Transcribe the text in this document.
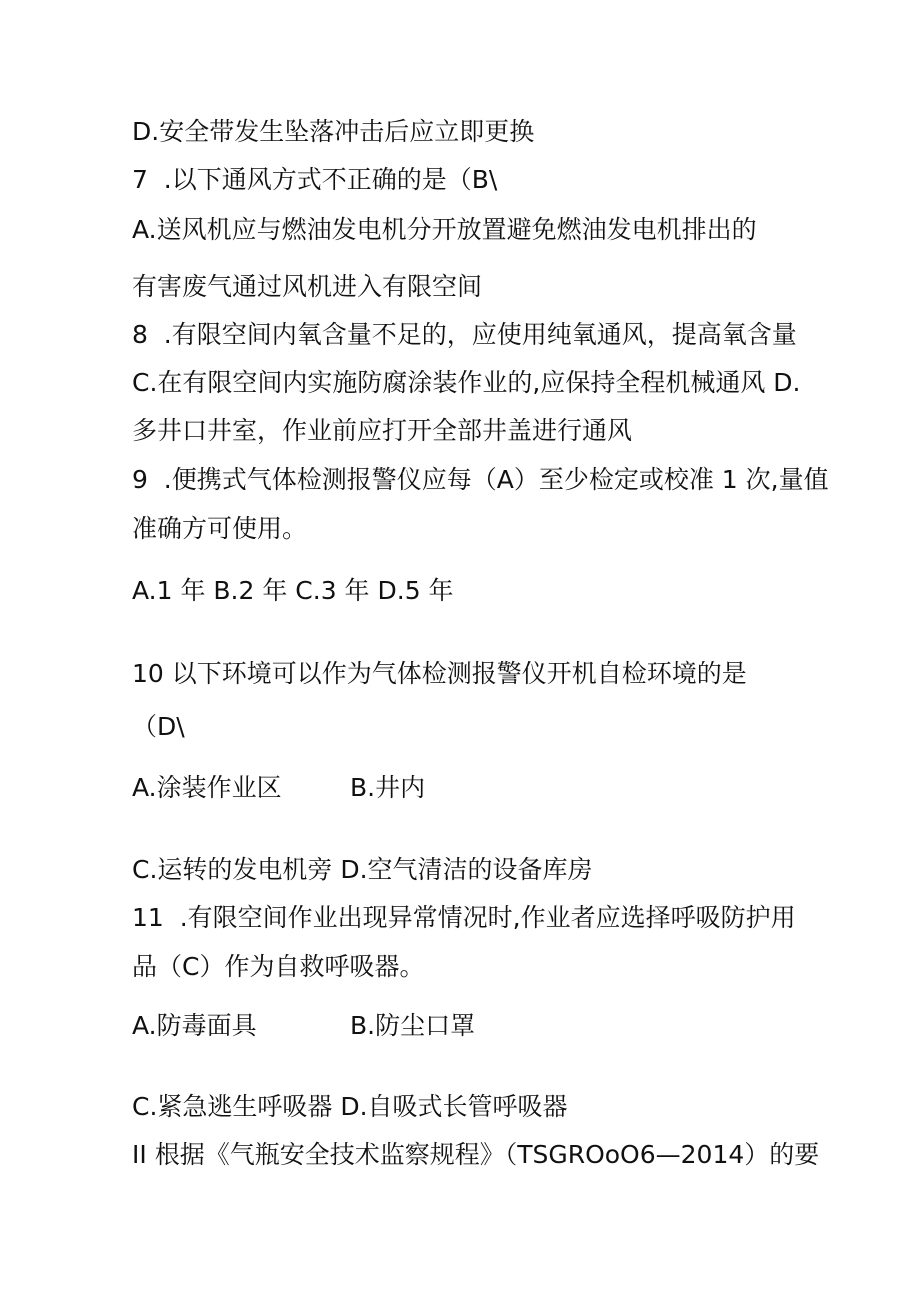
D.安全带发生坠落冲击后应立即更换
7  .以下通风方式不正确的是（B\
A.送风机应与燃油发电机分开放置避免燃油发电机排出的
有害废气通过风机进入有限空间
8  .有限空间内氧含量不足的，应使用纯氧通风，提高氧含量
C.在有限空间内实施防腐涂装作业的,应保持全程机械通风 D.
多井口井室，作业前应打开全部井盖进行通风
9  .便携式气体检测报警仪应每（A）至少检定或校准 1 次,量值
准确方可使用。
A.1 年 B.2 年 C.3 年 D.5 年
10 以下环境可以作为气体检测报警仪开机自检环境的是
（D\
A.涂装作业区	B.井内
C.运转的发电机旁 D.空气清洁的设备库房
11  .有限空间作业出现异常情况时,作业者应选择呼吸防护用
品（C）作为自救呼吸器。
A.防毒面具	B.防尘口罩
C.紧急逃生呼吸器 D.自吸式长管呼吸器
II 根据《气瓶安全技术监察规程》（TSGROoO6—2014）的要
